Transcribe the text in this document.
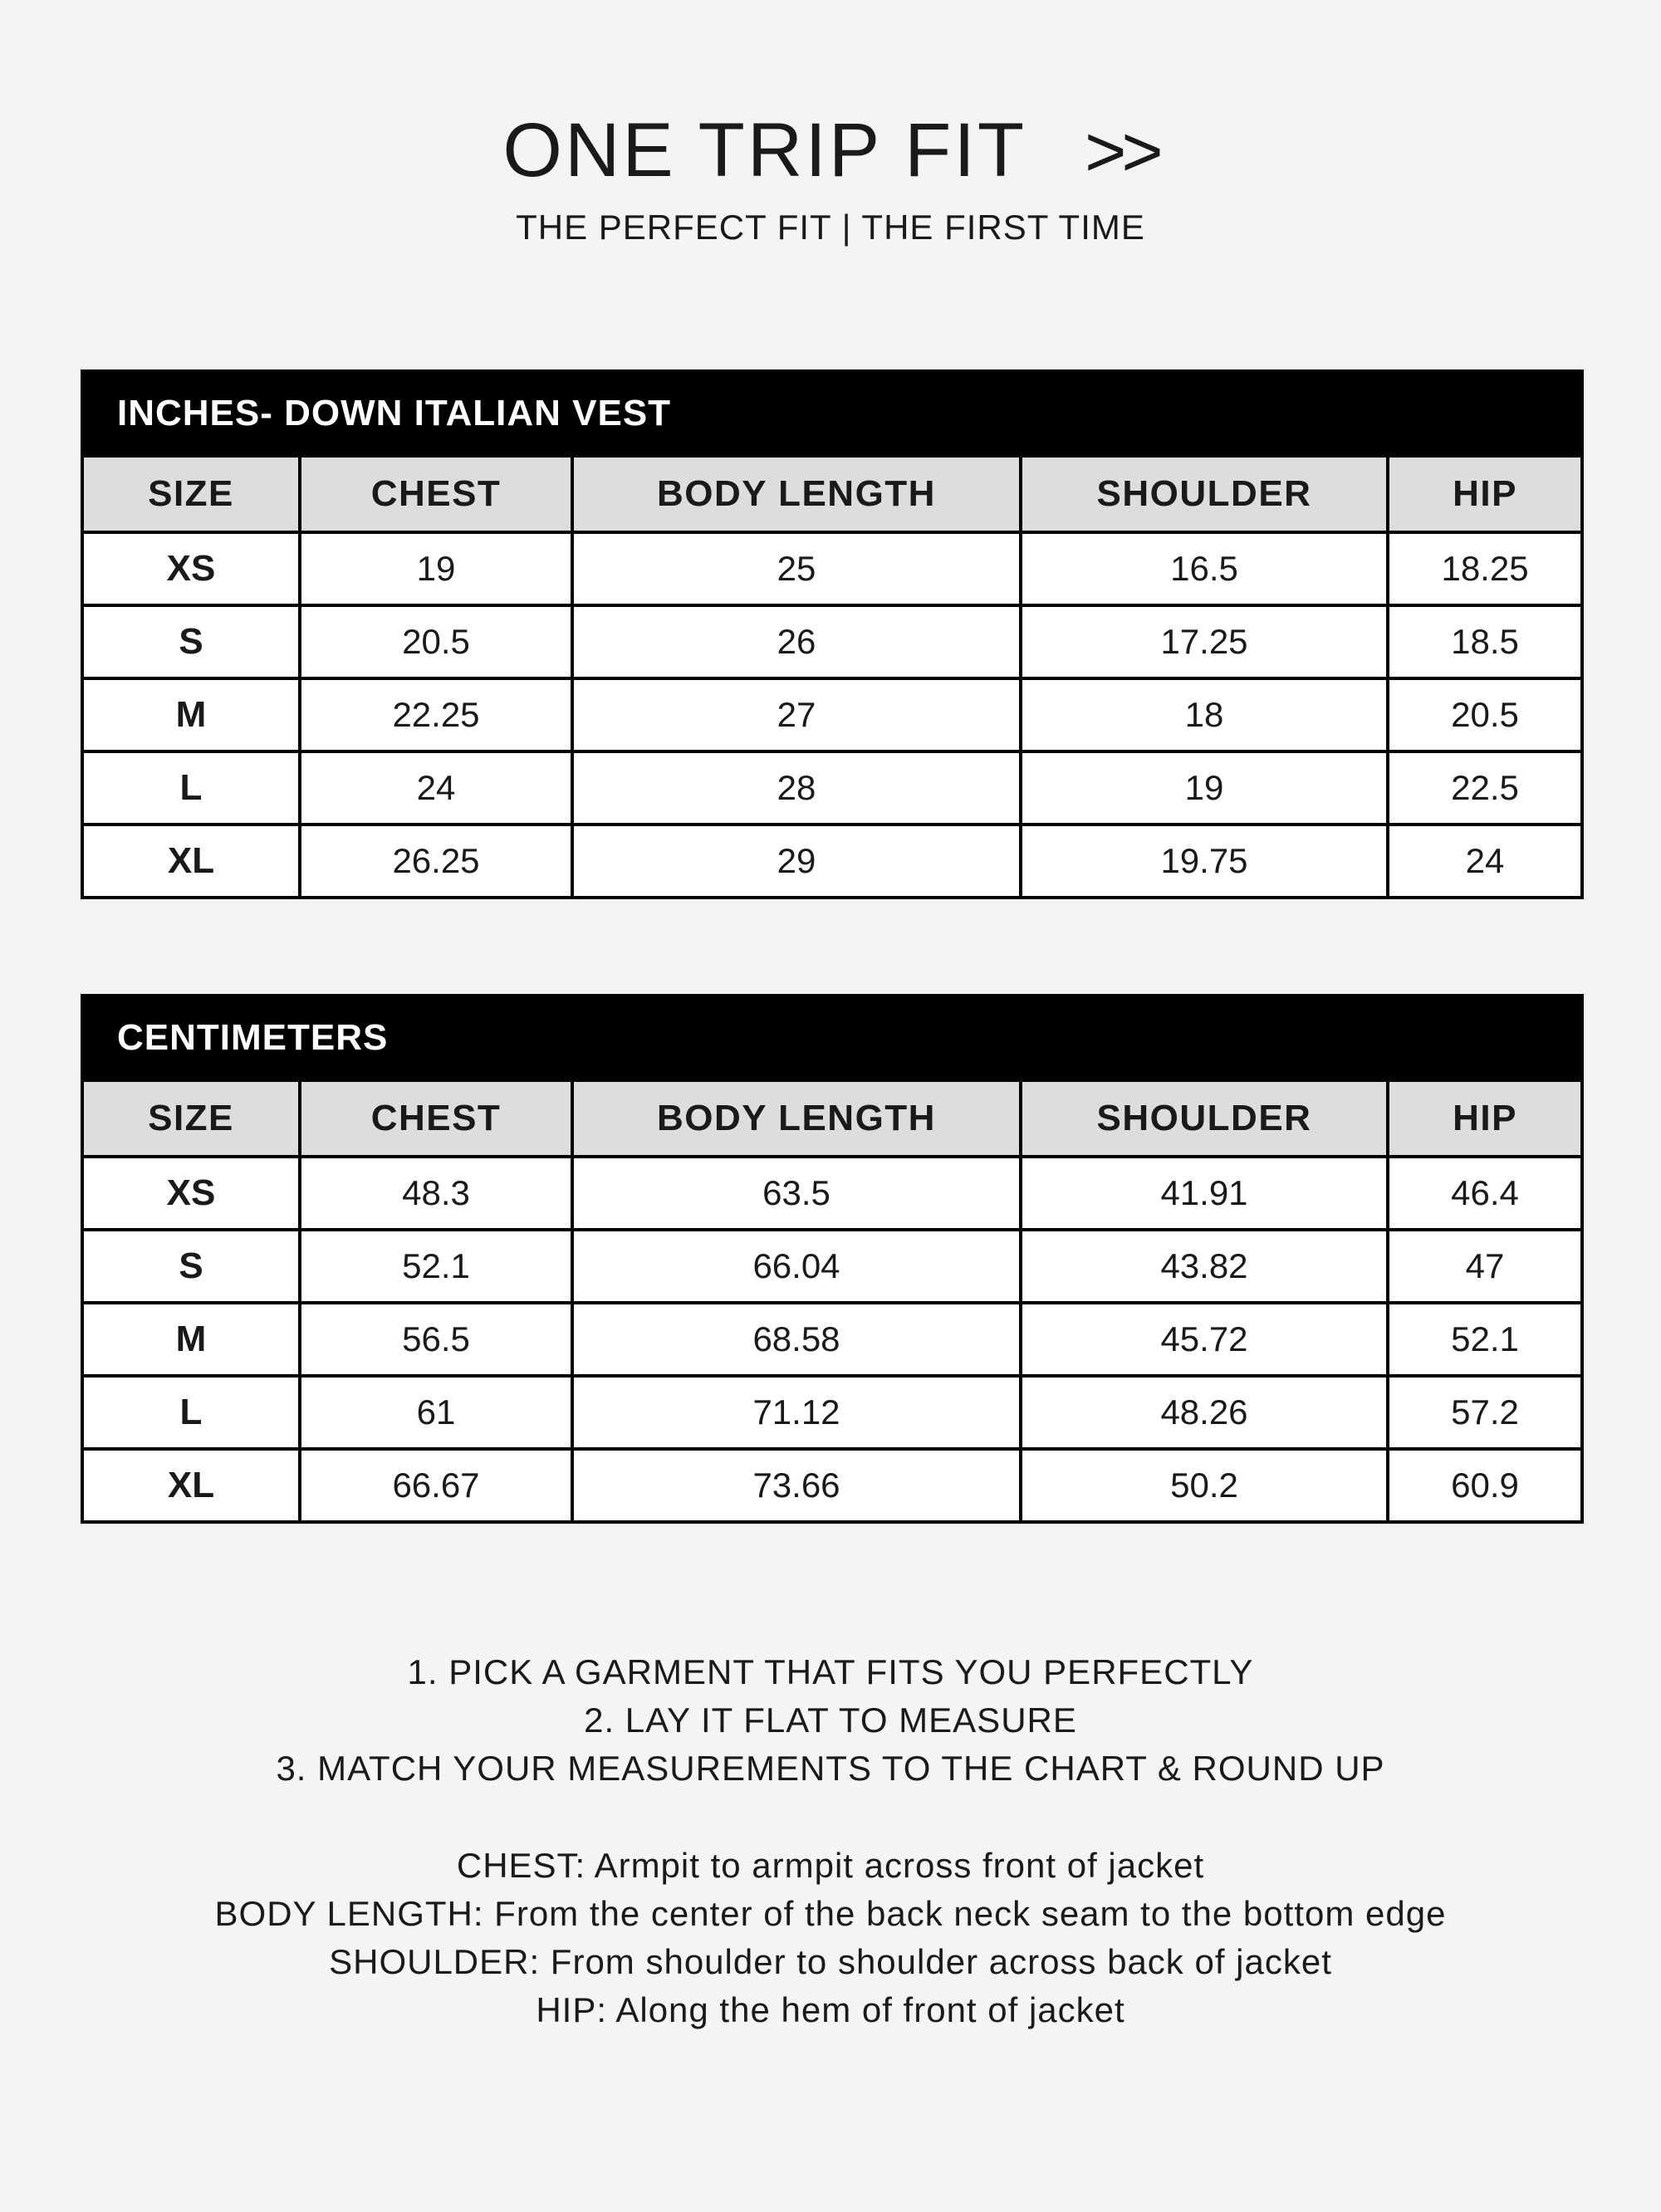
ONE TRIP FIT >>
THE PERFECT FIT | THE FIRST TIME
INCHES- DOWN ITALIAN VEST				
SIZE	CHEST	BODY LENGTH	SHOULDER	HIP
XS	19	25	16.5	18.25
S	20.5	26	17.25	18.5
M	22.25	27	18	20.5
L	24	28	19	22.5
XL	26.25	29	19.75	24
CENTIMETERS				
SIZE	CHEST	BODY LENGTH	SHOULDER	HIP
XS	48.3	63.5	41.91	46.4
S	52.1	66.04	43.82	47
M	56.5	68.58	45.72	52.1
L	61	71.12	48.26	57.2
XL	66.67	73.66	50.2	60.9
1. PICK A GARMENT THAT FITS YOU PERFECTLY
2. LAY IT FLAT TO MEASURE
3. MATCH YOUR MEASUREMENTS TO THE CHART & ROUND UP
CHEST: Armpit to armpit across front of jacket
BODY LENGTH: From the center of the back neck seam to the bottom edge
SHOULDER: From shoulder to shoulder across back of jacket
HIP: Along the hem of front of jacket
